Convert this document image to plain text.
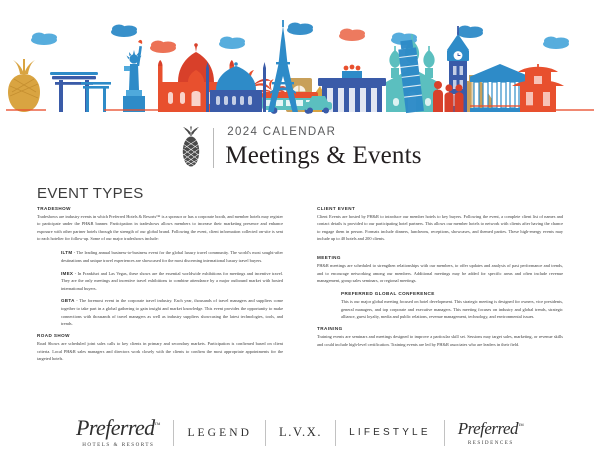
2024 CALENDAR
Meetings & Events
EVENT TYPES
TRADESHOW

Tradeshows are industry events in which Preferred Hotels & Resorts™ is a sponsor or has a corporate booth, and member hotels may register to participate under the PH&R banner. Participation in tradeshows allows members to increase their marketing presence and enhance exposure with other partner hotels through the strength of our global brand. Following the event, client information collected on-site is sent to each hotelier for follow-up. Some of our major tradeshows include:

ILTM - The leading annual business-to-business event for the global luxury travel community. The world's most sought-after destinations and unique travel experiences are showcased for the most discerning international luxury travel buyers.

IMEX - In Frankfurt and Las Vegas, these shows are the essential worldwide exhibitions for meetings and incentive travel. They are the only meetings and incentive travel exhibitions to combine attendance by a major outbound market with hosted international buyers.

GBTA - The foremost event in the corporate travel industry. Each year, thousands of travel managers and suppliers come together to take part in a global gathering to gain insight and market knowledge. This event provides the opportunity to make connections with thousands of travel managers as well as industry suppliers showcasing the latest technologies, tools, and trends.

ROAD SHOW

Road Shows are scheduled joint sales calls to key clients in primary and secondary markets. Participation is confirmed based on client criteria. Local PH&R sales managers and directors work closely with the clients to confirm the most appropriate appointments for the targeted hotels.

CLIENT EVENT

Client Events are hosted by PH&R to introduce our member hotels to key buyers. Following the event, a complete client list of names and contact details is provided to our participating hotel partners. This allows our member hotels to network with clients after having the chance to engage them in person. Formats include dinners, luncheons, receptions, showcases, and themed parties. These high-energy events may include up to 40 hotels and 200 clients.

MEETING

PH&R meetings are scheduled to strengthen relationships with our members, to offer updates and analysis of past performance and trends, and to encourage networking among our members. Additional meetings may be added for specific areas and often include revenue management, group sales seminars, or regional meetings.

PREFERRED GLOBAL CONFERENCE

This is our major global meeting focused on hotel development. This strategic meeting is designed for owners, vice presidents, general managers, and top corporate and executive managers. This meeting focuses on industry and global trends, strategic alliance, guest loyalty, media and public relations, revenue management, technology, and environmental issues.

TRAINING

Training events are seminars and meetings designed to improve a particular skill set. Sessions may target sales, marketing, or revenue skills and could include high-level certification. Training events are led by PH&R associates who are leaders in their field.

Preferred™
HOTELS & RESORTS
LEGEND L.V.X.	LIFESTYLE Preferred™
RESIDENCES
